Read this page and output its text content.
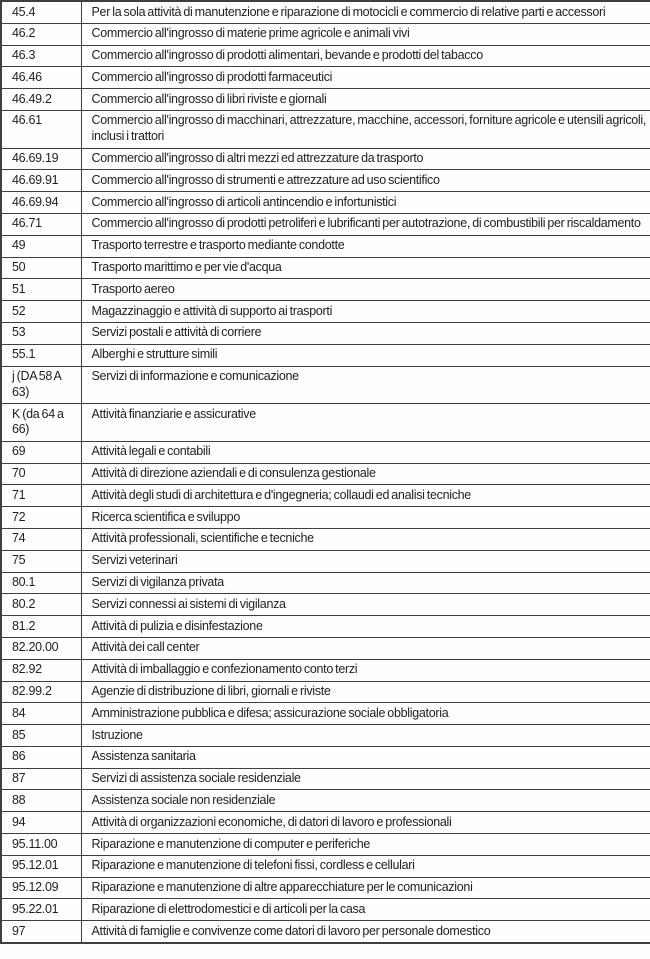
45.4	Per la sola attività di manutenzione e riparazione di motocicli e commercio di relative parti e accessori
46.2	Commercio all'ingrosso di materie prime agricole e animali vivi
46.3	Commercio all'ingrosso di prodotti alimentari, bevande e prodotti del tabacco
46.46	Commercio all'ingrosso di prodotti farmaceutici
46.49.2	Commercio all'ingrosso di libri riviste e giornali
46.61	Commercio all'ingrosso di macchinari, attrezzature, macchine, accessori, forniture agricole e utensili agricoli, inclusi i trattori
46.69.19	Commercio all'ingrosso di altri mezzi ed attrezzature da trasporto
46.69.91	Commercio all'ingrosso di strumenti e attrezzature ad uso scientifico
46.69.94	Commercio all'ingrosso di articoli antincendio e infortunistici
46.71	Commercio all'ingrosso di prodotti petroliferi e lubrificanti per autotrazione, di combustibili per riscaldamento
49	Trasporto terrestre e trasporto mediante condotte
50	Trasporto marittimo e per vie d'acqua
51	Trasporto aereo
52	Magazzinaggio e attività di supporto ai trasporti
53	Servizi postali e attività di corriere
55.1	Alberghi e strutture simili
j (DA 58 A 63)	Servizi di informazione e comunicazione
K (da 64 a 66)	Attività finanziarie e assicurative
69	Attività legali e contabili
70	Attività di direzione aziendali e di consulenza gestionale
71	Attività degli studi di architettura e d'ingegneria; collaudi ed analisi tecniche
72	Ricerca scientifica e sviluppo
74	Attività professionali, scientifiche e tecniche
75	Servizi veterinari
80.1	Servizi di vigilanza privata
80.2	Servizi connessi ai sistemi di vigilanza
81.2	Attività di pulizia e disinfestazione
82.20.00	Attività dei call center
82.92	Attività di imballaggio e confezionamento conto terzi
82.99.2	Agenzie di distribuzione di libri, giornali e riviste
84	Amministrazione pubblica e difesa; assicurazione sociale obbligatoria
85	Istruzione
86	Assistenza sanitaria
87	Servizi di assistenza sociale residenziale
88	Assistenza sociale non residenziale
94	Attività di organizzazioni economiche, di datori di lavoro e professionali
95.11.00	Riparazione e manutenzione di computer e periferiche
95.12.01	Riparazione e manutenzione di telefoni fissi, cordless e cellulari
95.12.09	Riparazione e manutenzione di altre apparecchiature per le comunicazioni
95.22.01	Riparazione di elettrodomestici e di articoli per la casa
97	Attività di famiglie e convivenze come datori di lavoro per personale domestico
